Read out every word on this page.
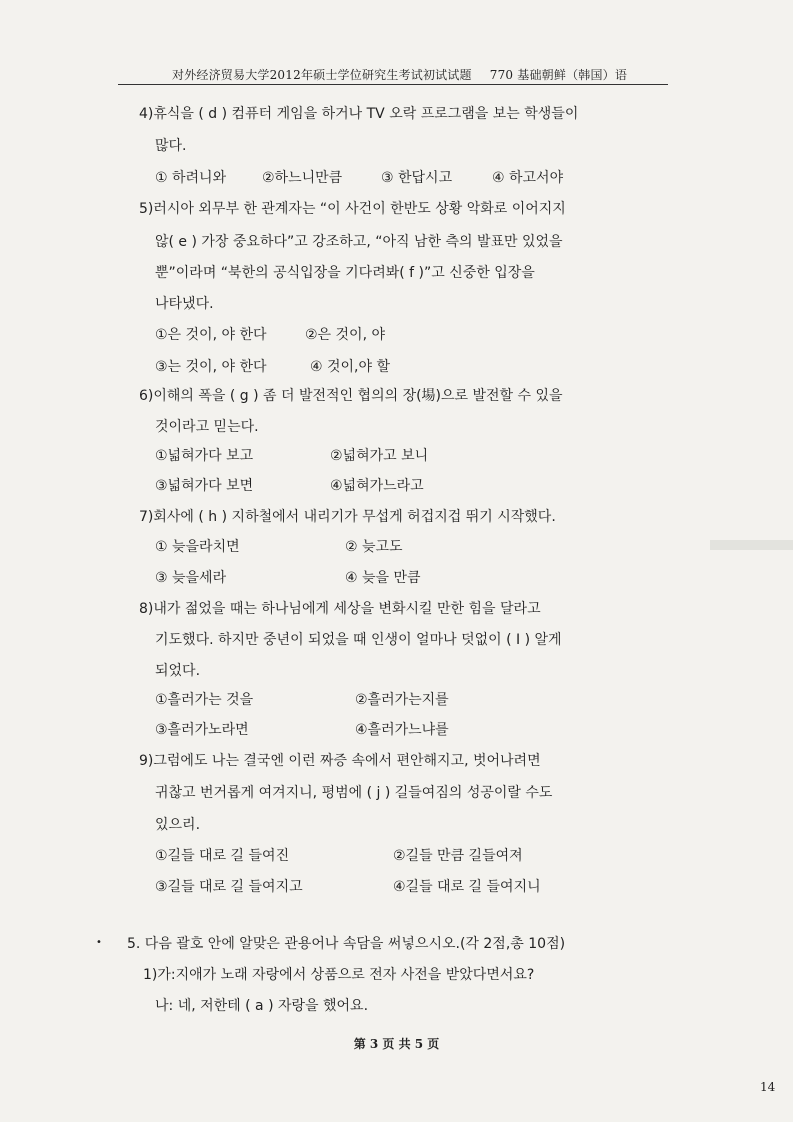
对外经济贸易大学2012年硕士学位研究生考试初试试题 770 基础朝鲜（韩国）语
4)휴식을 ( d ) 컴퓨터 게임을 하거나 TV 오락 프로그램을 보는 학생들이
많다.
① 하려니와	②하느니만큼	③ 한답시고	④ 하고서야
5)러시아 외무부 한 관계자는 “이 사건이 한반도 상황 악화로 이어지지
않( e ) 가장 중요하다”고 강조하고, “아직 남한 측의 발표만 있었을
뿐”이라며 “북한의 공식입장을 기다려봐( f )”고 신중한 입장을
나타냈다.
①은 것이, 야 한다	②은 것이, 야
③는 것이, 야 한다	④ 것이,야 할
6)이해의 폭을 ( g ) 좀 더 발전적인 협의의 장(場)으로 발전할 수 있을
것이라고 믿는다.
①넓혀가다 보고	②넓혀가고 보니
③넓혀가다 보면	④넓혀가느라고
7)회사에 ( h ) 지하철에서 내리기가 무섭게 허겁지겁 뛰기 시작했다.
① 늦을라치면	② 늦고도
③ 늦을세라	④ 늦을 만큼
8)내가 젊었을 때는 하나님에게 세상을 변화시킬 만한 힘을 달라고
기도했다. 하지만 중년이 되었을 때 인생이 얼마나 덧없이 ( I ) 알게
되었다.
①흘러가는 것을	②흘러가는지를
③흘러가노라면	④흘러가느냐를
9)그럼에도 나는 결국엔 이런 짜증 속에서 편안해지고, 벗어나려면
귀찮고 번거롭게 여겨지니, 평범에 ( j ) 길들여짐의 성공이랄 수도
있으리.
①길들 대로 길 들여진	②길들 만큼 길들여져
③길들 대로 길 들여지고	④길들 대로 길 들여지니
• 5. 다음 괄호 안에 알맞은 관용어나 속담을 써넣으시오.(각 2점,총 10점)
1)가:지애가 노래 자랑에서 상품으로 전자 사전을 받았다면서요?
나: 네, 저한테 ( a ) 자랑을 했어요.
第 3 页 共 5 页
14
